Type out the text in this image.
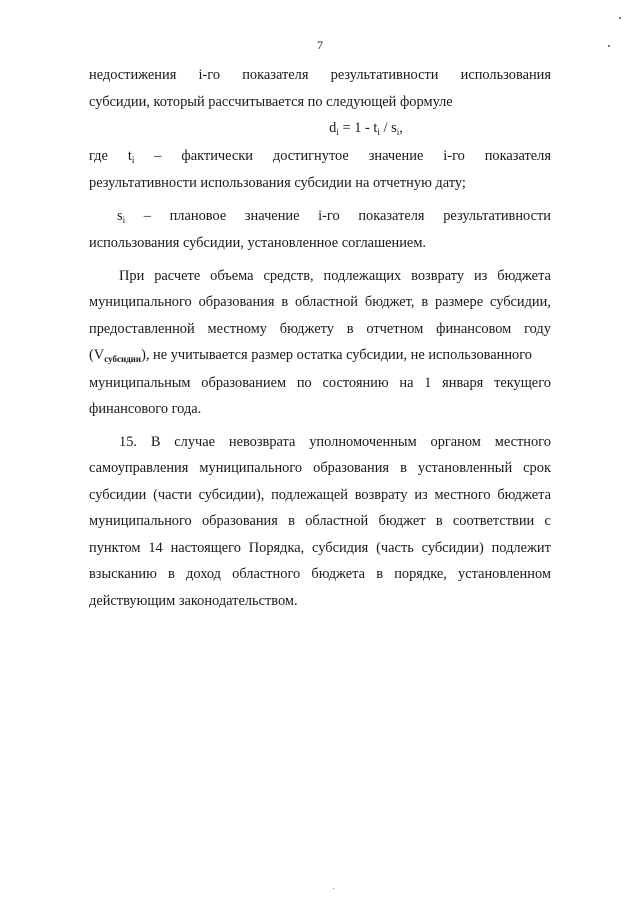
7
недостижения i-го показателя результативности использования
субсидии, который рассчитывается по следующей формуле
$d_i = 1 - t_i / s_i$,
где $t_i$ – фактически достигнутое значение i-го показателя
результативности использования субсидии на отчетную дату;
$s_i$ – плановое значение i-го показателя результативности
использования субсидии, установленное соглашением.
При расчете объема средств, подлежащих возврату из бюджета
муниципального образования в областной бюджет, в размере субсидии,
предоставленной местному бюджету в отчетном финансовом году
$(V_{субсидии})$, не учитывается размер остатка субсидии, не использованного
муниципальным образованием по состоянию на 1 января текущего
финансового года.
15. В случае невозврата уполномоченным органом местного
самоуправления муниципального образования в установленный срок
субсидии (части субсидии), подлежащей возврату из местного бюджета
муниципального образования в областной бюджет в соответствии с
пунктом 14 настоящего Порядка, субсидия (часть субсидии) подлежит
взысканию в доход областного бюджета в порядке, установленном
действующим законодательством.
